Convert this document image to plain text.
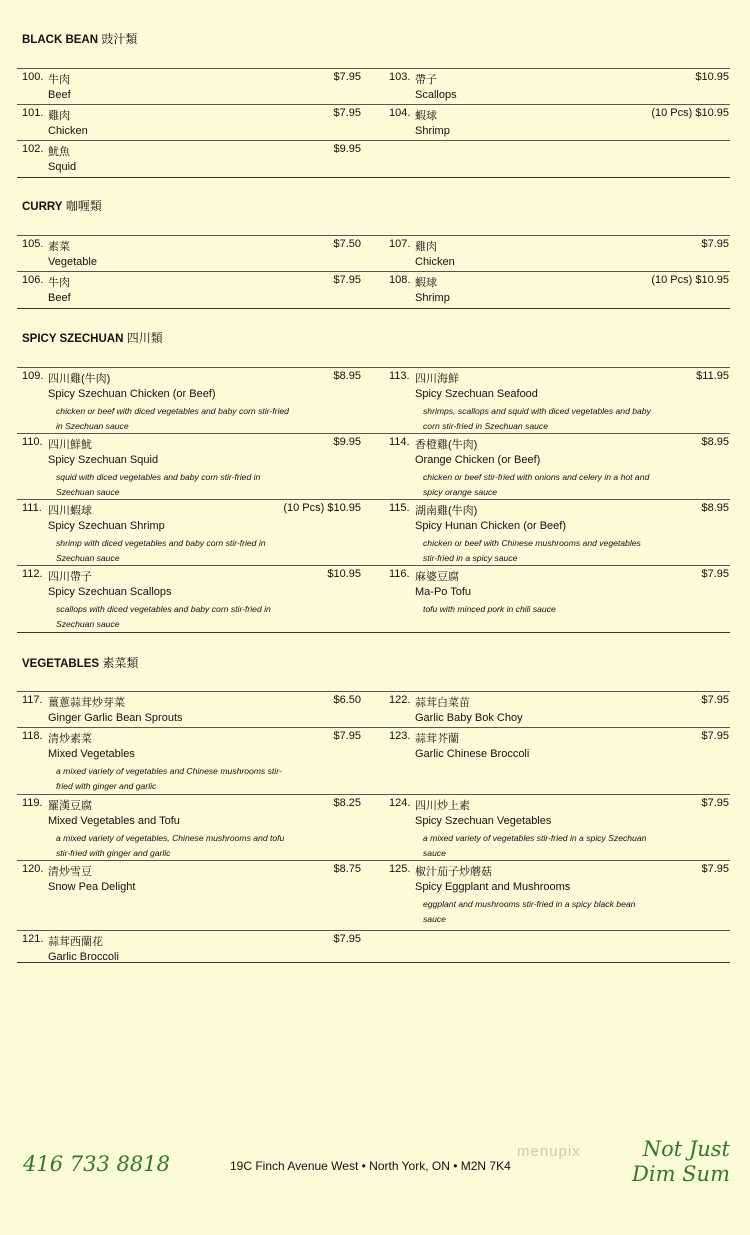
BLACK BEAN 豉汁類
100. 牛肉	$7.95
Beef
103. 帶子	$10.95
Scallops
101. 雞肉	$7.95
Chicken
104. 蝦球	(10 Pcs) $10.95
Shrimp
102. 魷魚	$9.95
Squid
CURRY 咖喱類
105. 素菜	$7.50
Vegetable
107. 雞肉	$7.95
Chicken
106. 牛肉	$7.95
Beef
108. 蝦球	(10 Pcs) $10.95
Shrimp
SPICY SZECHUAN 四川類
109. 四川雞(牛肉)	$8.95
Spicy Szechuan Chicken (or Beef)
chicken or beef with diced vegetables and baby corn stir-fried in Szechuan sauce
113. 四川海鮮	$11.95
Spicy Szechuan Seafood
shrimps, scallops and squid with diced vegetables and baby corn stir-fried in Szechuan sauce
110. 四川鮮魷	$9.95
Spicy Szechuan Squid
squid with diced vegetables and baby corn stir-fried in Szechuan sauce
114. 香橙雞(牛肉)	$8.95
Orange Chicken (or Beef)
chicken or beef stir-fried with onions and celery in a hot and spicy orange sauce
111. 四川蝦球	(10 Pcs) $10.95
Spicy Szechuan Shrimp
shrimp with diced vegetables and baby corn stir-fried in Szechuan sauce
115. 湖南雞(牛肉)	$8.95
Spicy Hunan Chicken (or Beef)
chicken or beef with Chinese mushrooms and vegetables stir-fried in a spicy sauce
112. 四川帶子	$10.95
Spicy Szechuan Scallops
scallops with diced vegetables and baby corn stir-fried in Szechuan sauce
116. 麻婆豆腐	$7.95
Ma-Po Tofu
tofu with minced pork in chili sauce
VEGETABLES 素菜類
117. 薑蔥蒜茸炒芽菜	$6.50
Ginger Garlic Bean Sprouts
122. 蒜茸白菜苗	$7.95
Garlic Baby Bok Choy
118. 清炒素菜	$7.95
Mixed Vegetables
a mixed variety of vegetables and Chinese mushrooms stir-fried with ginger and garlic
123. 蒜茸芥蘭	$7.95
Garlic Chinese Broccoli
119. 羅漢豆腐	$8.25
Mixed Vegetables and Tofu
a mixed variety of vegetables, Chinese mushrooms and tofu stir-fried with ginger and garlic
124. 四川炒上素	$7.95
Spicy Szechuan Vegetables
a mixed variety of vegetables stir-fried in a spicy Szechuan sauce
120. 清炒雪豆	$8.75
Snow Pea Delight
125. 椒汁茄子炒蘑菇	$7.95
Spicy Eggplant and Mushrooms
eggplant and mushrooms stir-fried in a spicy black bean sauce
121. 蒜茸西蘭花	$7.95
Garlic Broccoli
416 733 8818	19C Finch Avenue West • North York, ON • M2N 7K4
menupix	Not Just
Dim Sum
